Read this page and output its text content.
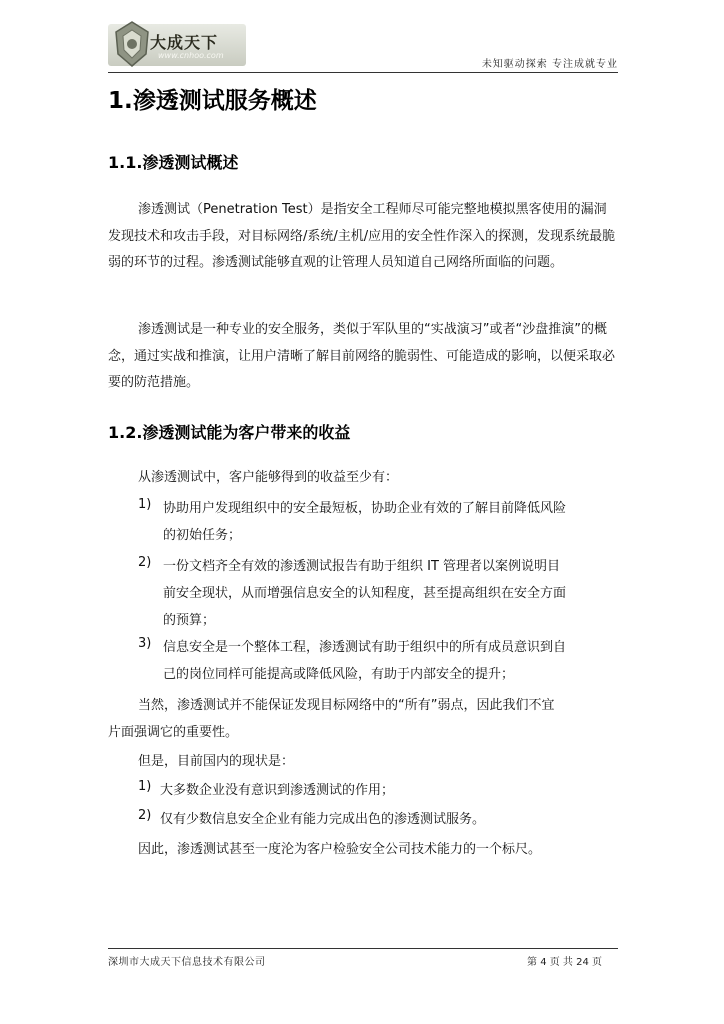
大成天下
www.cnhoo.com
未知驱动探索 专注成就专业
1.渗透测试服务概述
1.1.渗透测试概述

渗透测试（Penetration Test）是指安全工程师尽可能完整地模拟黑客使用的漏洞发现技术和攻击手段，对目标网络/系统/主机/应用的安全性作深入的探测，发现系统最脆弱的环节的过程。渗透测试能够直观的让管理人员知道自己网络所面临的问题。

渗透测试是一种专业的安全服务，类似于军队里的“实战演习”或者“沙盘推演”的概念，通过实战和推演，让用户清晰了解目前网络的脆弱性、可能造成的影响，以便采取必要的防范措施。

1.2.渗透测试能为客户带来的收益
从渗透测试中，客户能够得到的收益至少有：
1) 协助用户发现组织中的安全最短板，协助企业有效的了解目前降低风险
的初始任务；
2) 一份文档齐全有效的渗透测试报告有助于组织 IT 管理者以案例说明目
前安全现状，从而增强信息安全的认知程度，甚至提高组织在安全方面
的预算；
3) 信息安全是一个整体工程，渗透测试有助于组织中的所有成员意识到自
己的岗位同样可能提高或降低风险，有助于内部安全的提升；
当然，渗透测试并不能保证发现目标网络中的“所有”弱点，因此我们不宜
片面强调它的重要性。
但是，目前国内的现状是：
1) 大多数企业没有意识到渗透测试的作用；
2) 仅有少数信息安全企业有能力完成出色的渗透测试服务。
因此，渗透测试甚至一度沦为客户检验安全公司技术能力的一个标尺。
深圳市大成天下信息技术有限公司	第 4 页 共 24 页
